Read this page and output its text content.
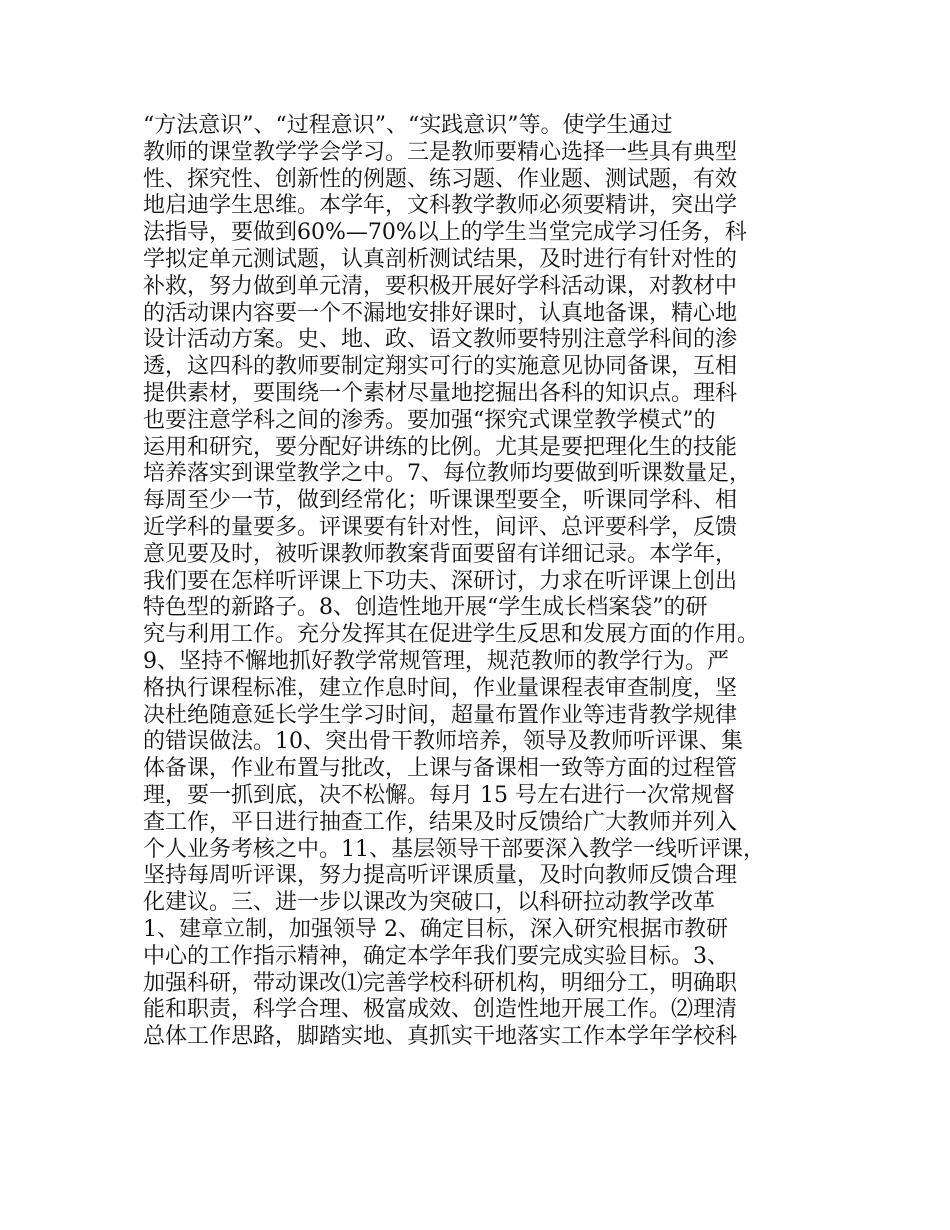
“方法意识”、“过程意识”、“实践意识”等。使学生通过
教师的课堂教学学会学习。三是教师要精心选择一些具有典型
性、探究性、创新性的例题、练习题、作业题、测试题，有效
地启迪学生思维。本学年，文科教学教师必须要精讲，突出学
法指导，要做到60%—70%以上的学生当堂完成学习任务，科
学拟定单元测试题，认真剖析测试结果，及时进行有针对性的
补救，努力做到单元清，要积极开展好学科活动课，对教材中
的活动课内容要一个不漏地安排好课时，认真地备课，精心地
设计活动方案。史、地、政、语文教师要特别注意学科间的渗
透，这四科的教师要制定翔实可行的实施意见协同备课，互相
提供素材，要围绕一个素材尽量地挖掘出各科的知识点。理科
也要注意学科之间的渗秀。要加强“探究式课堂教学模式”的
运用和研究，要分配好讲练的比例。尤其是要把理化生的技能
培养落实到课堂教学之中。7、每位教师均要做到听课数量足，
每周至少一节，做到经常化；听课课型要全，听课同学科、相
近学科的量要多。评课要有针对性，间评、总评要科学，反馈
意见要及时，被听课教师教案背面要留有详细记录。本学年，
我们要在怎样听评课上下功夫、深研讨，力求在听评课上创出
特色型的新路子。8、创造性地开展“学生成长档案袋”的研
究与利用工作。充分发挥其在促进学生反思和发展方面的作用。
9、坚持不懈地抓好教学常规管理，规范教师的教学行为。严
格执行课程标准，建立作息时间，作业量课程表审查制度，坚
决杜绝随意延长学生学习时间，超量布置作业等违背教学规律
的错误做法。10、突出骨干教师培养，领导及教师听评课、集
体备课，作业布置与批改，上课与备课相一致等方面的过程管
理，要一抓到底，决不松懈。每月 15 号左右进行一次常规督
查工作，平日进行抽查工作，结果及时反馈给广大教师并列入
个人业务考核之中。11、基层领导干部要深入教学一线听评课，
坚持每周听评课，努力提高听评课质量，及时向教师反馈合理
化建议。三、进一步以课改为突破口，以科研拉动教学改革
1、建章立制，加强领导 2、确定目标，深入研究根据市教研
中心的工作指示精神，确定本学年我们要完成实验目标。3、
加强科研，带动课改⑴完善学校科研机构，明细分工，明确职
能和职责，科学合理、极富成效、创造性地开展工作。⑵理清
总体工作思路，脚踏实地、真抓实干地落实工作本学年学校科
